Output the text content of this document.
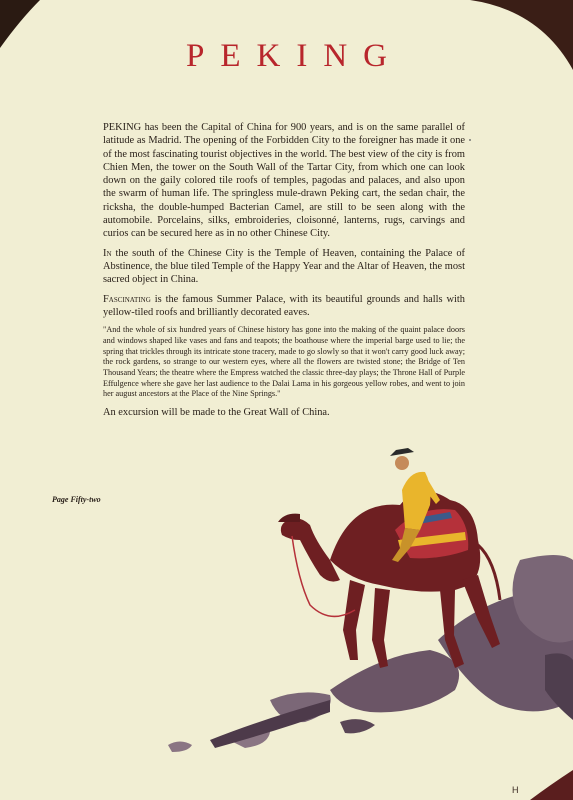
PEKING

PEKING has been the Capital of China for 900 years, and is on the same parallel of latitude as Madrid. The opening of the Forbidden City to the foreigner has made it one of the most fascinating tourist objectives in the world. The best view of the city is from Chien Men, the tower on the South Wall of the Tartar City, from which one can look down on the gaily colored tile roofs of temples, pagodas and palaces, and also upon the swarm of human life. The springless mule-drawn Peking cart, the sedan chair, the ricksha, the double-humped Bacterian Camel, are still to be seen along with the automobile. Porcelains, silks, embroideries, cloisonné, lanterns, rugs, carvings and curios can be secured here as in no other Chinese City.

In the south of the Chinese City is the Temple of Heaven, containing the Palace of Abstinence, the blue tiled Temple of the Happy Year and the Altar of Heaven, the most sacred object in China.

Fascinating is the famous Summer Palace, with its beautiful grounds and halls with yellow-tiled roofs and brilliantly decorated eaves.

"And the whole of six hundred years of Chinese history has gone into the making of the quaint palace doors and windows shaped like vases and fans and teapots; the boathouse where the imperial barge used to lie; the spring that trickles through its intricate stone tracery, made to go slowly so that it won't carry good luck away; the rock gardens, so strange to our western eyes, where all the flowers are twisted stone; the Bridge of Ten Thousand Years; the theatre where the Empress watched the classic three-day plays; the Throne Hall of Purple Effulgence where she gave her last audience to the Dalai Lama in his gorgeous yellow robes, and went to join her august ancestors at the Place of the Nine Springs."

An excursion will be made to the Great Wall of China.

Page Fifty-two
H
